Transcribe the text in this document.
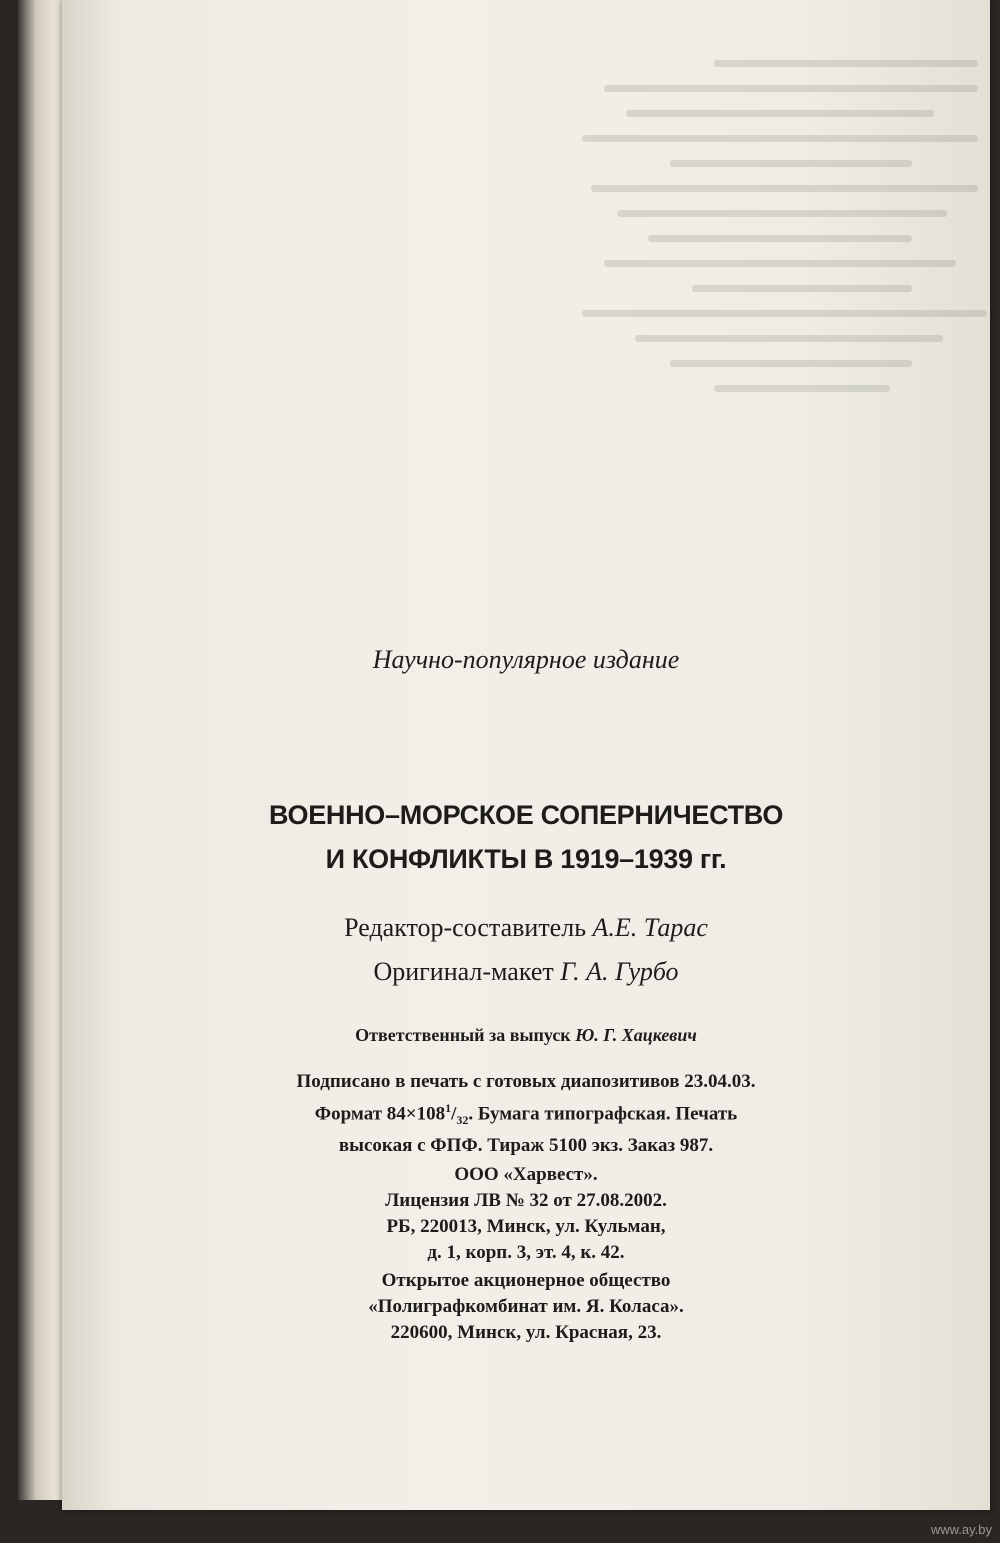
Научно-популярное издание
ВОЕННО–МОРСКОЕ СОПЕРНИЧЕСТВО
И КОНФЛИКТЫ В 1919–1939 гг.
Редактор-составитель А.Е. Тарас
Оригинал-макет Г. А. Гурбо
Ответственный за выпуск Ю. Г. Хацкевич
Подписано в печать с готовых диапозитивов 23.04.03.
Формат $84\times 108^1/_{32}$. Бумага типографская. Печать
высокая с ФПФ. Тираж 5100 экз. Заказ 987.
ООО «Харвест».
Лицензия ЛВ № 32 от 27.08.2002.
РБ, 220013, Минск, ул. Кульман,
д. 1, корп. 3, эт. 4, к. 42.
Открытое акционерное общество
«Полиграфкомбинат им. Я. Коласа».
220600, Минск, ул. Красная, 23.
www.ay.by
